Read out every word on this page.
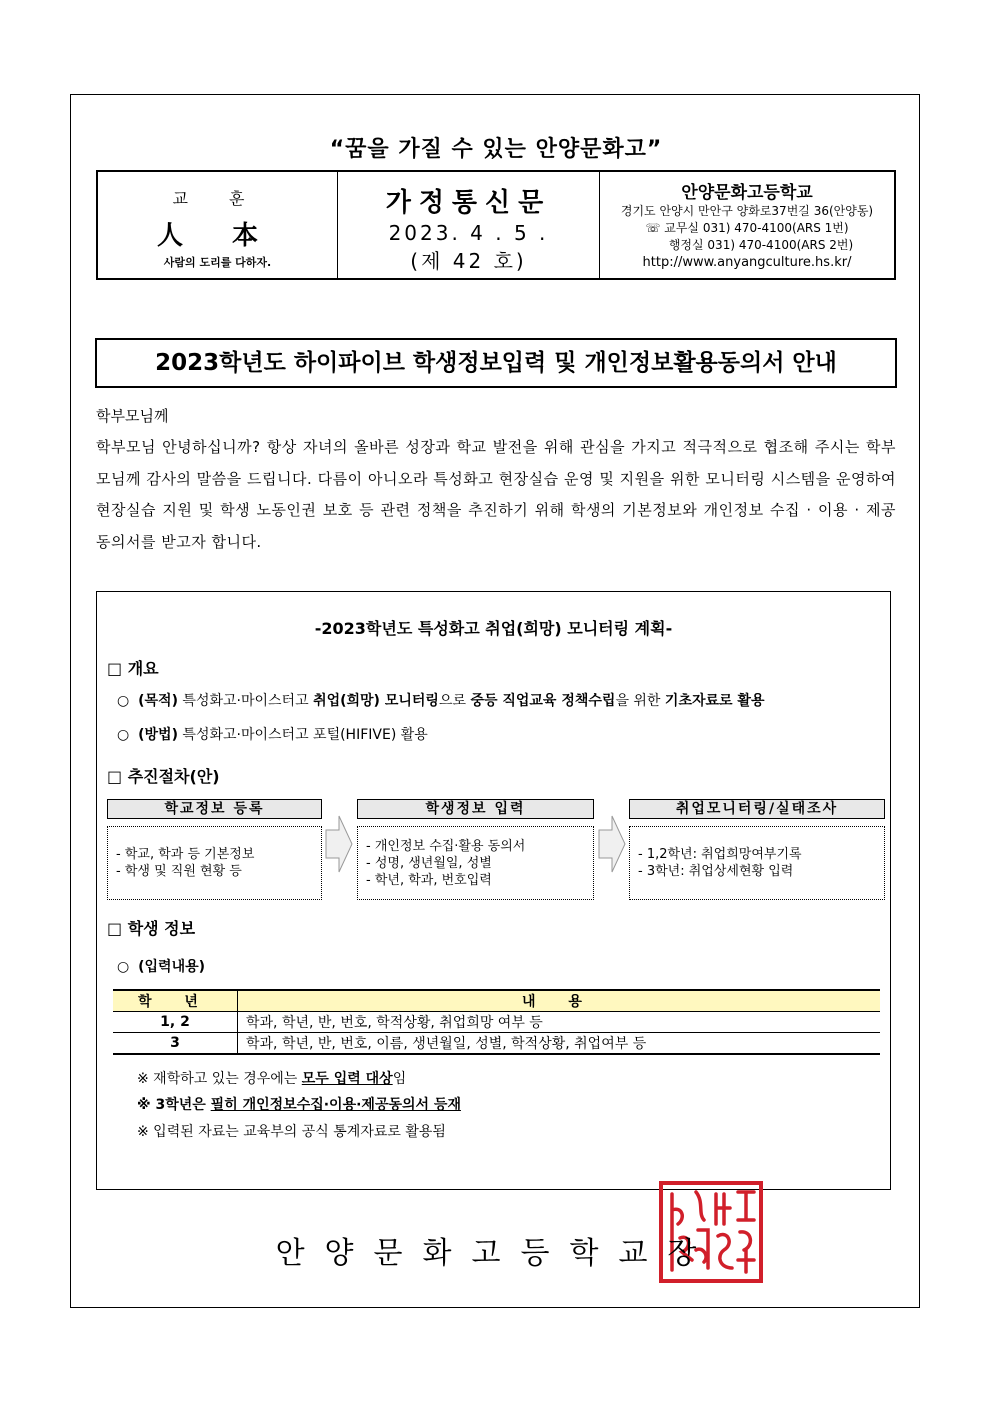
“꿈을 가질 수 있는 안양문화고”
교 훈
人 本
사람의 도리를 다하자.
가정통신문
2023. 4 . 5 .
(제 42 호)
안양문화고등학교
경기도 안양시 만안구 양화로37번길 36(안양동)
☏ 교무실 031) 470-4100(ARS 1번)
행정실 031) 470-4100(ARS 2번)
http://www.anyangculture.hs.kr/
2023학년도 하이파이브 학생정보입력 및 개인정보활용동의서 안내
학부모님께
학부모님 안녕하십니까? 항상 자녀의 올바른 성장과 학교 발전을 위해 관심을 가지고 적극적으로 협조해 주시는 학부모님께 감사의 말씀을 드립니다. 다름이 아니오라 특성화고 현장실습 운영 및 지원을 위한 모니터링 시스템을 운영하여 현장실습 지원 및 학생 노동인권 보호 등 관련 정책을 추진하기 위해 학생의 기본정보와 개인정보 수집 · 이용 · 제공 동의서를 받고자 합니다.
-2023학년도 특성화고 취업(희망) 모니터링 계획-
□ 개요
○  (목적) 특성화고·마이스터고 취업(희망) 모니터링으로 중등 직업교육 정책수립을 위한 기초자료로 활용
○  (방법) 특성화고·마이스터고 포털(HIFIVE) 활용
□ 추진절차(안)
학교정보 등록
- 학교, 학과 등 기본정보
- 학생 및 직원 현황 등
학생정보 입력
- 개인정보 수집·활용 동의서
- 성명, 생년월일, 성별
- 학년, 학과, 번호입력
취업모니터링/실태조사
- 1,2학년: 취업희망여부기록
- 3학년: 취업상세현황 입력
□ 학생 정보
○  (입력내용)
학 년	내 용
1, 2	학과, 학년, 반, 번호, 학적상황, 취업희망 여부 등
3	학과, 학년, 반, 번호, 이름, 생년월일, 성별, 학적상황, 취업여부 등
※ 재학하고 있는 경우에는 모두 입력 대상임
※ 3학년은 필히 개인정보수집·이용·제공동의서 등재
※ 입력된 자료는 교육부의 공식 통계자료로 활용됨
안양문화고등학교장
